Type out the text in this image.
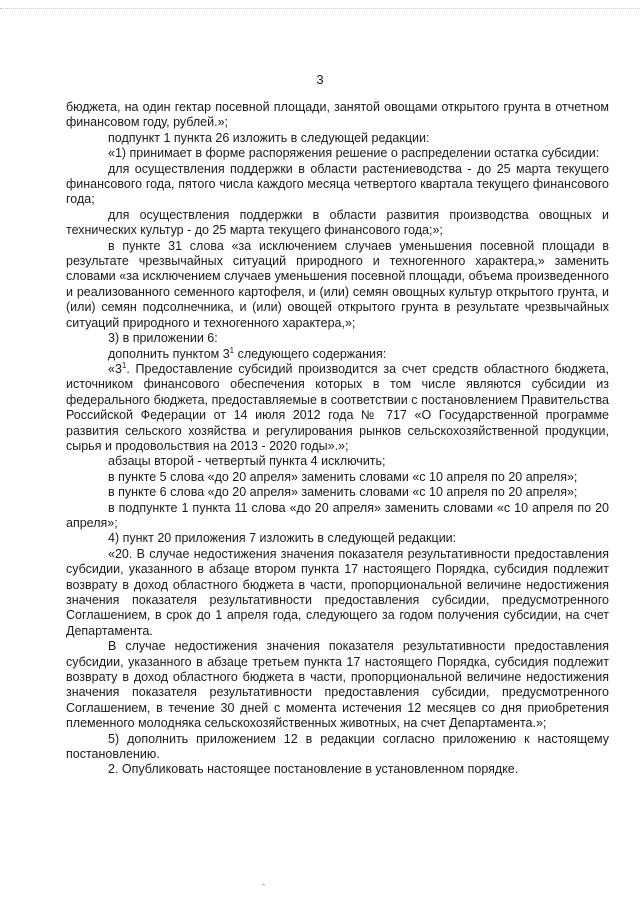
3

бюджета, на один гектар посевной площади, занятой овощами открытого грунта в отчетном финансовом году, рублей.»;

подпункт 1 пункта 26 изложить в следующей редакции:

«1) принимает в форме распоряжения решение о распределении остатка субсидии:

для осуществления поддержки в области растениеводства - до 25 марта текущего финансового года, пятого числа каждого месяца четвертого квартала текущего финансового года;

для осуществления поддержки в области развития производства овощных и технических культур - до 25 марта текущего финансового года;»;

в пункте 31 слова «за исключением случаев уменьшения посевной площади в результате чрезвычайных ситуаций природного и техногенного характера,» заменить словами «за исключением случаев уменьшения посевной площади, объема произведенного и реализованного семенного картофеля, и (или) семян овощных культур открытого грунта, и (или) семян подсолнечника, и (или) овощей открытого грунта в результате чрезвычайных ситуаций природного и техногенного характера,»;

3) в приложении 6:

дополнить пунктом $3^1$ следующего содержания:

«$3^1$. Предоставление субсидий производится за счет средств областного бюджета, источником финансового обеспечения которых в том числе являются субсидии из федерального бюджета, предоставляемые в соответствии с постановлением Правительства Российской Федерации от 14 июля 2012 года № 717 «О Государственной программе развития сельского хозяйства и регулирования рынков сельскохозяйственной продукции, сырья и продовольствия на 2013 - 2020 годы».»;

абзацы второй - четвертый пункта 4 исключить;

в пункте 5 слова «до 20 апреля» заменить словами «с 10 апреля по 20 апреля»;

в пункте 6 слова «до 20 апреля» заменить словами «с 10 апреля по 20 апреля»;

в подпункте 1 пункта 11 слова «до 20 апреля» заменить словами «с 10 апреля по 20 апреля»;

4) пункт 20 приложения 7 изложить в следующей редакции:

«20. В случае недостижения значения показателя результативности предоставления субсидии, указанного в абзаце втором пункта 17 настоящего Порядка, субсидия подлежит возврату в доход областного бюджета в части, пропорциональной величине недостижения значения показателя результативности предоставления субсидии, предусмотренного Соглашением, в срок до 1 апреля года, следующего за годом получения субсидии, на счет Департамента.

В случае недостижения значения показателя результативности предоставления субсидии, указанного в абзаце третьем пункта 17 настоящего Порядка, субсидия подлежит возврату в доход областного бюджета в части, пропорциональной величине недостижения значения показателя результативности предоставления субсидии, предусмотренного Соглашением, в течение 30 дней с момента истечения 12 месяцев со дня приобретения племенного молодняка сельскохозяйственных животных, на счет Департамента.»;

5) дополнить приложением 12 в редакции согласно приложению к настоящему постановлению.

2. Опубликовать настоящее постановление в установленном порядке.
